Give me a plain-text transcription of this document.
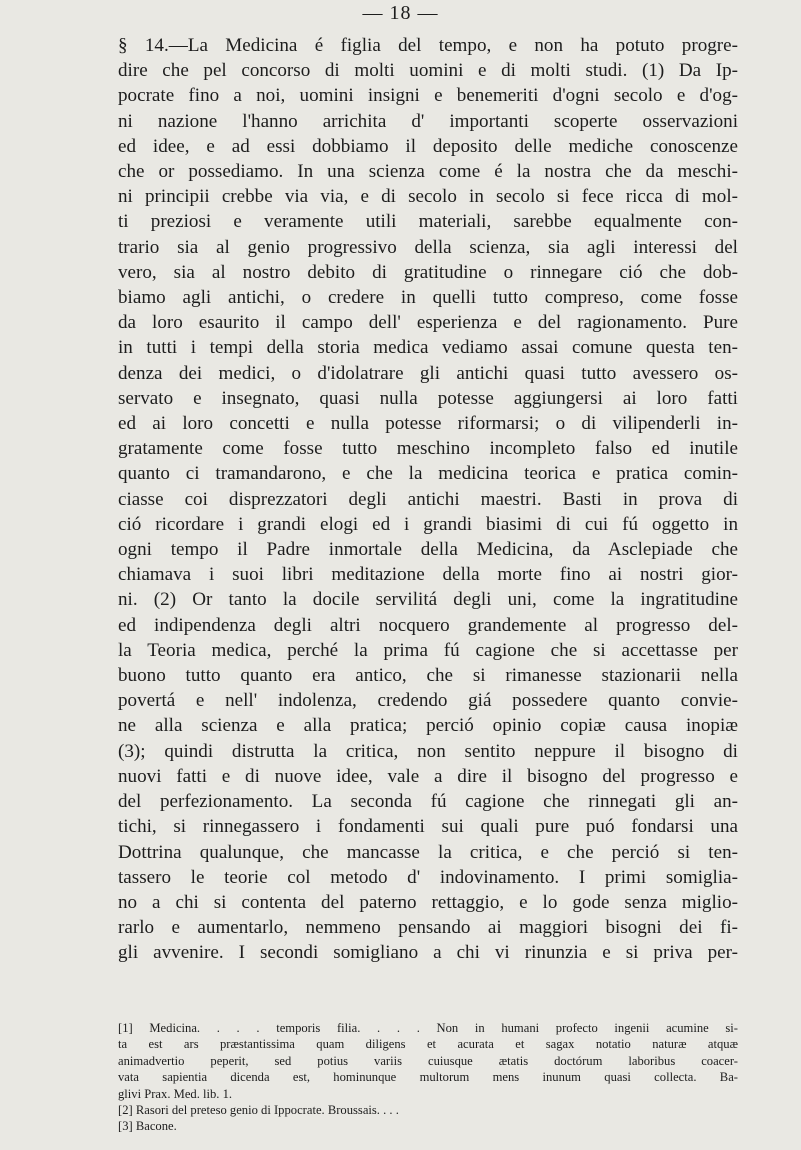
— 18 —
§ 14.—La Medicina é figlia del tempo, e non ha potuto progre-
dire che pel concorso di molti uomini e di molti studi. (1) Da Ip-
pocrate fino a noi, uomini insigni e benemeriti d'ogni secolo e d'og-
ni nazione l'hanno arrichita d' importanti scoperte osservazioni
ed idee, e ad essi dobbiamo il deposito delle mediche conoscenze
che or possediamo. In una scienza come é la nostra che da meschi-
ni principii crebbe via via, e di secolo in secolo si fece ricca di mol-
ti preziosi e veramente utili materiali, sarebbe equalmente con-
trario sia al genio progressivo della scienza, sia agli interessi del
vero, sia al nostro debito di gratitudine o rinnegare ció che dob-
biamo agli antichi, o credere in quelli tutto compreso, come fosse
da loro esaurito il campo dell' esperienza e del ragionamento. Pure
in tutti i tempi della storia medica vediamo assai comune questa ten-
denza dei medici, o d'idolatrare gli antichi quasi tutto avessero os-
servato e insegnato, quasi nulla potesse aggiungersi ai loro fatti
ed ai loro concetti e nulla potesse riformarsi; o di vilipenderli in-
gratamente come fosse tutto meschino incompleto falso ed inutile
quanto ci tramandarono, e che la medicina teorica e pratica comin-
ciasse coi disprezzatori degli antichi maestri. Basti in prova di
ció ricordare i grandi elogi ed i grandi biasimi di cui fú oggetto in
ogni tempo il Padre inmortale della Medicina, da Asclepiade che
chiamava i suoi libri meditazione della morte fino ai nostri gior-
ni. (2) Or tanto la docile servilitá degli uni, come la ingratitudine
ed indipendenza degli altri nocquero grandemente al progresso del-
la Teoria medica, perché la prima fú cagione che si accettasse per
buono tutto quanto era antico, che si rimanesse stazionarii nella
povertá e nell' indolenza, credendo giá possedere quanto convie-
ne alla scienza e alla pratica; perció opinio copiæ causa inopiæ
(3); quindi distrutta la critica, non sentito neppure il bisogno di
nuovi fatti e di nuove idee, vale a dire il bisogno del progresso e
del perfezionamento. La seconda fú cagione che rinnegati gli an-
tichi, si rinnegassero i fondamenti sui quali pure puó fondarsi una
Dottrina qualunque, che mancasse la critica, e che perció si ten-
tassero le teorie col metodo d' indovinamento. I primi somiglia-
no a chi si contenta del paterno rettaggio, e lo gode senza miglio-
rarlo e aumentarlo, nemmeno pensando ai maggiori bisogni dei fi-
gli avvenire. I secondi somigliano a chi vi rinunzia e si priva per-
[1] Medicina. . . . temporis filia. . . . Non in humani profecto ingenii acumine si-
ta est ars præstantissima quam diligens et acurata et sagax notatio naturæ atquæ
animadvertio peperit, sed potius variis cuiusque ætatis doctórum laboribus coacer-
vata sapientia dicenda est, hominunque multorum mens inunum quasi collecta. Ba-
glivi Prax. Med. lib. 1.
[2] Rasori del preteso genio di Ippocrate. Broussais. . . .
[3] Bacone.
